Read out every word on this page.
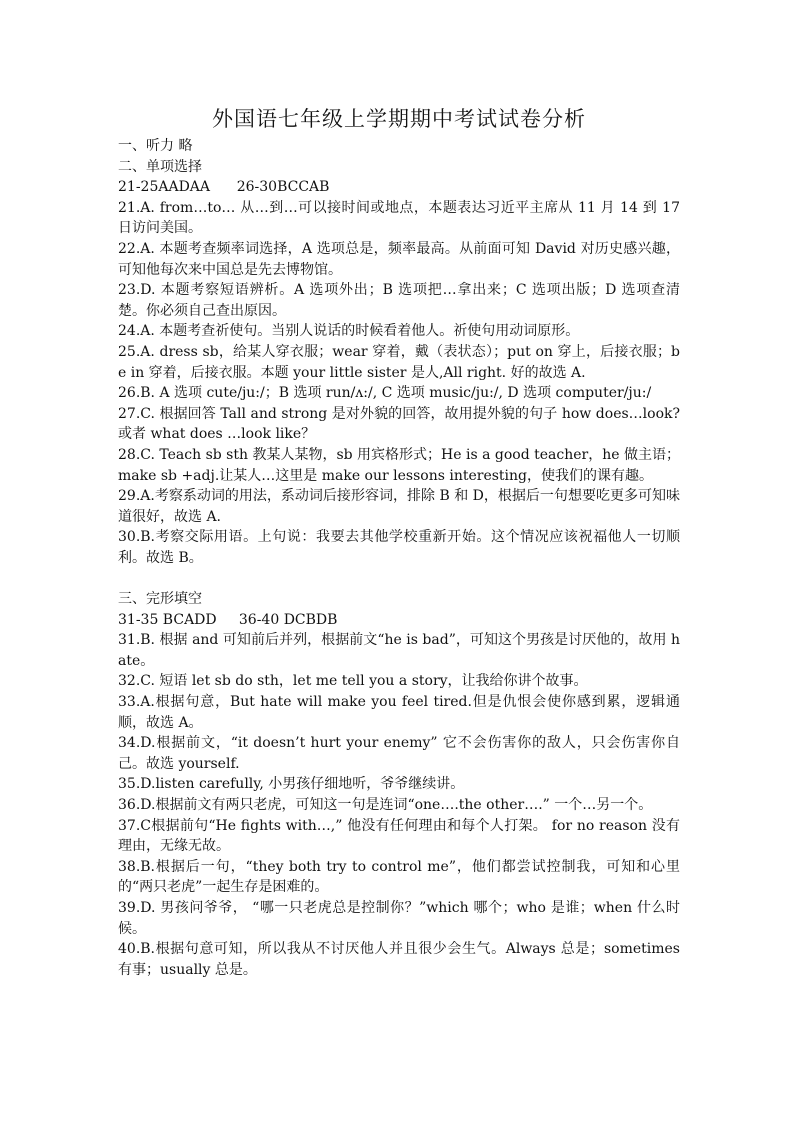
外国语七年级上学期期中考试试卷分析

一、听力 略

二、单项选择

21-25AADAA      26-30BCCAB

21.A. from…to… 从…到…可以接时间或地点，本题表达习近平主席从 11 月 14 到 17 日访问美国。

22.A. 本题考查频率词选择，A 选项总是，频率最高。从前面可知 David 对历史感兴趣，可知他每次来中国总是先去博物馆。

23.D. 本题考察短语辨析。A 选项外出；B 选项把…拿出来；C 选项出版；D 选项查清楚。你必须自己查出原因。

24.A. 本题考查祈使句。当别人说话的时候看着他人。祈使句用动词原形。

25.A. dress sb，给某人穿衣服；wear 穿着，戴（表状态）；put on 穿上，后接衣服；be in 穿着，后接衣服。本题 your little sister 是人,All right. 好的故选 A.

26.B. A 选项 cute/ju:/；B 选项 run/ʌ:/, C 选项 music/ju:/, D 选项 computer/ju:/

27.C. 根据回答 Tall and strong 是对外貌的回答，故用提外貌的句子 how does…look? 或者 what does …look like？

28.C. Teach sb sth 教某人某物，sb 用宾格形式；He is a good teacher，he 做主语；make sb +adj.让某人…这里是 make our lessons interesting，使我们的课有趣。

29.A.考察系动词的用法，系动词后接形容词，排除 B 和 D，根据后一句想要吃更多可知味道很好，故选 A.

30.B.考察交际用语。上句说：我要去其他学校重新开始。这个情况应该祝福他人一切顺利。故选 B。

三、完形填空

31-35 BCADD     36-40 DCBDB

31.B. 根据 and 可知前后并列，根据前文“he is bad”，可知这个男孩是讨厌他的，故用 hate。

32.C. 短语 let sb do sth，let me tell you a story，让我给你讲个故事。

33.A.根据句意，But hate will make you feel tired.但是仇恨会使你感到累，逻辑通顺，故选 A。

34.D.根据前文，“it doesn’t hurt your enemy” 它不会伤害你的敌人，只会伤害你自己。故选 yourself.

35.D.listen carefully, 小男孩仔细地听，爷爷继续讲。

36.D.根据前文有两只老虎，可知这一句是连词“one….the other….” 一个…另一个。

37.C根据前句“He fights with…,” 他没有任何理由和每个人打架。 for no reason 没有理由，无缘无故。

38.B.根据后一句，“they both try to control me”，他们都尝试控制我，可知和心里的“两只老虎”一起生存是困难的。

39.D. 男孩问爷爷， “哪一只老虎总是控制你？”which 哪个；who 是谁；when 什么时候。

40.B.根据句意可知，所以我从不讨厌他人并且很少会生气。Always 总是；sometimes 有事；usually 总是。
